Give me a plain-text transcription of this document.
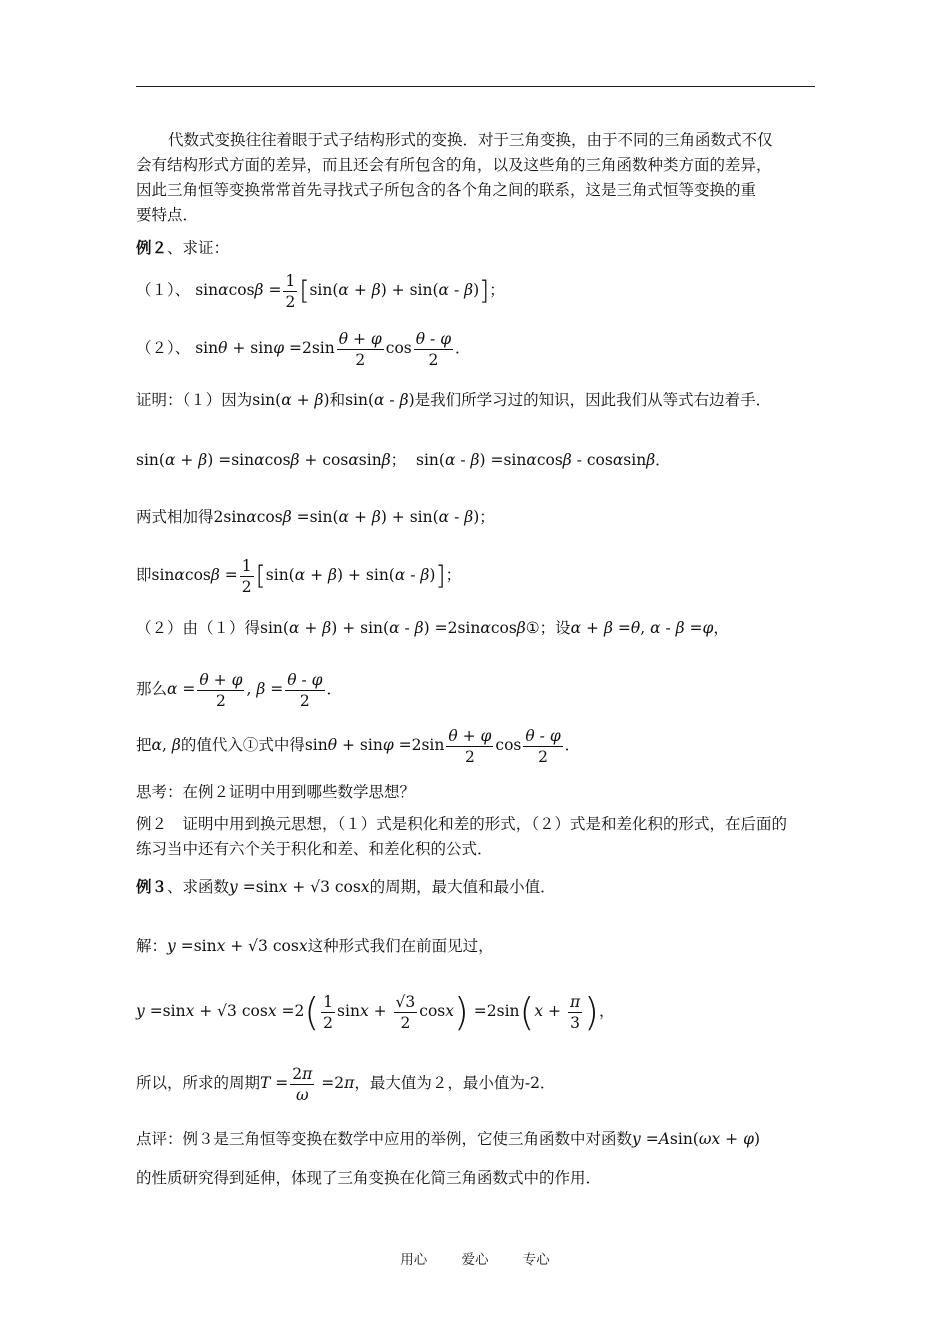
代数式变换往往着眼于式子结构形式的变换．对于三角变换，由于不同的三角函数式不仅
会有结构形式方面的差异，而且还会有所包含的角，以及这些角的三角函数种类方面的差异，
因此三角恒等变换常常首先寻找式子所包含的各个角之间的联系，这是三角式恒等变换的重
要特点．
例２、求证：
（１）、 $\sin\alpha\cos\beta = \frac{1}{2} [\sin(\alpha + \beta) + \sin(\alpha - \beta)]$；
（２）、 $\sin\theta + \sin\varphi =2\sin \frac{\theta + \varphi}{2}$ $\cos \frac{\theta - \varphi}{2}$ ．
证明：（１）因为sin(α + β)和sin(α - β)是我们所学习过的知识，因此我们从等式右边着手．
sin(α + β) =sinαcosβ + cosαsinβ；  sin(α - β) =sinαcosβ - cosαsinβ．
两式相加得2sinαcosβ =sin(α + β) + sin(α - β)；
即$\sin\alpha\cos\beta = \frac{1}{2} [\sin(\alpha + \beta) + \sin(\alpha - \beta)]$；
（２）由（１）得sin(α + β) + sin(α - β) =2sinαcosβ①；设α + β =θ, α - β =φ，
那么$\alpha = \frac{\theta + \varphi}{2}$ , $\beta = \frac{\theta - \varphi}{2}$ ．
把α, β的值代入①式中得$\sin\theta + \sin\varphi =2\sin \frac{\theta + \varphi}{2}$ $\cos \frac{\theta - \varphi}{2}$ ．
思考：在例２证明中用到哪些数学思想？
例２　证明中用到换元思想，（１）式是积化和差的形式，（２）式是和差化积的形式，在后面的
练习当中还有六个关于积化和差、和差化积的公式．
例３、求函数y =sinx + √3 cosx的周期，最大值和最小值．
解：y =sinx + √3 cosx这种形式我们在前面见过，
y =sinx + √3 $\cos x =2( \frac{1}{2}$ $\sin x + \frac{√3}{2} \cos x) =2\sin(x + \frac{\pi}{3}$ )，
所以，所求的周期$T = \frac{2\pi}{\omega} =2\pi$，最大值为２，最小值为-2．
点评：例３是三角恒等变换在数学中应用的举例，它使三角函数中对函数y =Asin(ωx + φ)
的性质研究得到延伸，体现了三角变换在化简三角函数式中的作用．
用心	爱心	专心
